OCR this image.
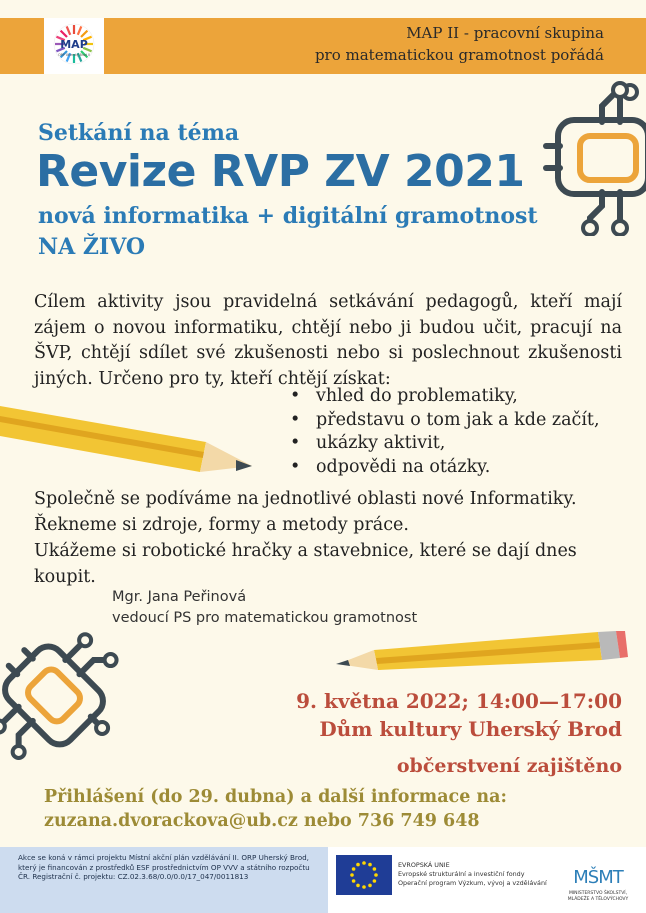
MAP
ORP Uherský Brod II
MAP II - pracovní skupina
pro matematickou gramotnost pořádá
Setkání na téma
Revize RVP ZV 2021
nová informatika + digitální gramotnost
NA ŽIVO
Cílem aktivity jsou pravidelná setkávání pedagogů, kteří mají zájem o novou informatiku, chtějí nebo ji budou učit, pracují na ŠVP, chtějí sdílet své zkušenosti nebo si poslechnout zkušenosti jiných. Určeno pro ty, kteří chtějí získat:
• vhled do problematiky,
• představu o tom jak a kde začít,
• ukázky aktivit,
• odpovědi na otázky.
Společně se podíváme na jednotlivé oblasti nové Informatiky.
Řekneme si zdroje, formy a metody práce.
Ukážeme si robotické hračky a stavebnice, které se dají dnes koupit.
Mgr. Jana Peřinová
vedoucí PS pro matematickou gramotnost
9. května 2022; 14:00—17:00
Dům kultury Uherský Brod
občerstvení zajištěno
Přihlášení (do 29. dubna) a další informace na:
zuzana.dvorackova@ub.cz nebo 736 749 648
Akce se koná v rámci projektu Místní akční plán vzdělávání II. ORP Uherský Brod, který je financován z prostředků ESF prostřednictvím OP VVV a státního rozpočtu ČR. Registrační č. projektu: CZ.02.3.68/0.0/0.0/17_047/0011813
EVROPSKÁ UNIE
Evropské strukturální a investiční fondy
Operační program Výzkum, vývoj a vzdělávání MŠMT
MINISTERSTVO ŠKOLSTVÍ, MLÁDEŽE A TĚLOVÝCHOVY
